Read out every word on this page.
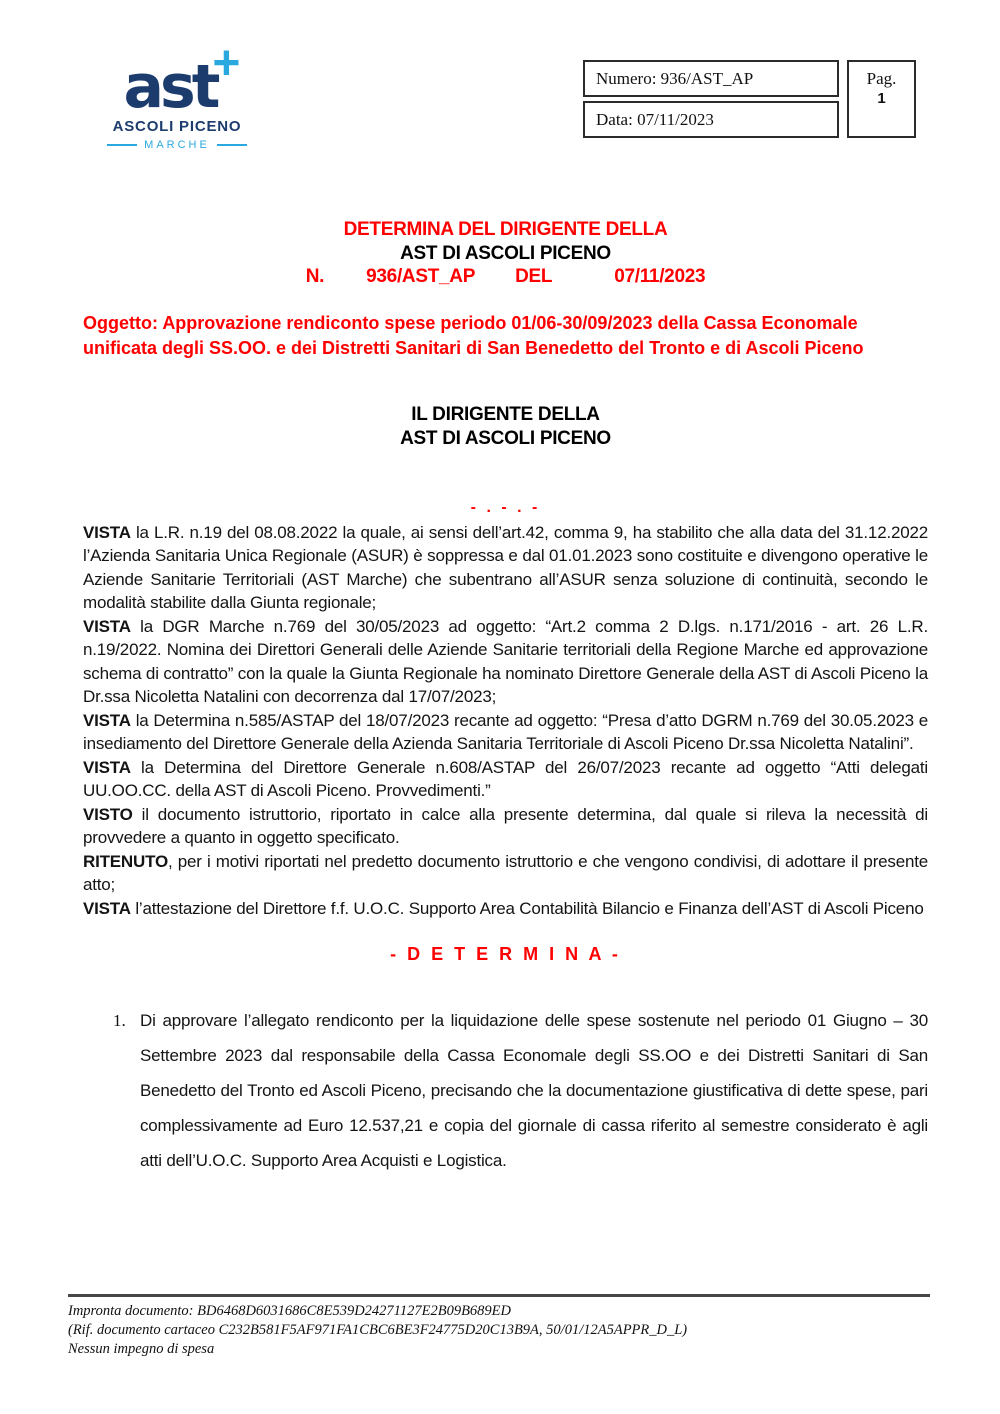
ast
+
ASCOLI PICENO
MARCHE
Numero: 936/AST_AP
Data: 07/11/2023
Pag.
1
DETERMINA DEL DIRIGENTE DELLA
AST DI ASCOLI PICENO
N. 936/AST_AP DEL	07/11/2023
Oggetto: Approvazione rendiconto spese periodo 01/06-30/09/2023 della Cassa Economale unificata degli SS.OO. e dei Distretti Sanitari di San Benedetto del Tronto e di Ascoli Piceno
IL DIRIGENTE DELLA
AST DI ASCOLI PICENO
- . - . -

VISTA la L.R. n.19 del 08.08.2022 la quale, ai sensi dell’art.42, comma 9, ha stabilito che alla data del 31.12.2022 l’Azienda Sanitaria Unica Regionale (ASUR) è soppressa e dal 01.01.2023 sono costituite e divengono operative le Aziende Sanitarie Territoriali (AST Marche) che subentrano all’ASUR senza soluzione di continuità, secondo le modalità stabilite dalla Giunta regionale;

VISTA la DGR Marche n.769 del 30/05/2023 ad oggetto: “Art.2 comma 2 D.lgs. n.171/2016 - art. 26 L.R. n.19/2022. Nomina dei Direttori Generali delle Aziende Sanitarie territoriali della Regione Marche ed approvazione schema di contratto” con la quale la Giunta Regionale ha nominato Direttore Generale della AST di Ascoli Piceno la Dr.ssa Nicoletta Natalini con decorrenza dal 17/07/2023;

VISTA la Determina n.585/ASTAP del 18/07/2023 recante ad oggetto: “Presa d’atto DGRM n.769 del 30.05.2023 e insediamento del Direttore Generale della Azienda Sanitaria Territoriale di Ascoli Piceno Dr.ssa Nicoletta Natalini”.

VISTA la Determina del Direttore Generale n.608/ASTAP del 26/07/2023 recante ad oggetto “Atti delegati UU.OO.CC. della AST di Ascoli Piceno. Provvedimenti.”

VISTO il documento istruttorio, riportato in calce alla presente determina, dal quale si rileva la necessità di provvedere a quanto in oggetto specificato.

RITENUTO, per i motivi riportati nel predetto documento istruttorio e che vengono condivisi, di adottare il presente atto;

VISTA l’attestazione del Direttore f.f. U.O.C. Supporto Area Contabilità Bilancio e Finanza dell’AST di Ascoli Piceno

- D E T E R M I N A -
1. Di approvare l’allegato rendiconto per la liquidazione delle spese sostenute nel periodo 01 Giugno – 30 Settembre 2023 dal responsabile della Cassa Economale degli SS.OO e dei Distretti Sanitari di San Benedetto del Tronto ed Ascoli Piceno, precisando che la documentazione giustificativa di dette spese, pari complessivamente ad Euro 12.537,21 e copia del giornale di cassa riferito al semestre considerato è agli atti dell’U.O.C. Supporto Area Acquisti e Logistica.
Impronta documento: BD6468D6031686C8E539D24271127E2B09B689ED
(Rif. documento cartaceo C232B581F5AF971FA1CBC6BE3F24775D20C13B9A, 50/01/12A5APPR_D_L)
Nessun impegno di spesa
